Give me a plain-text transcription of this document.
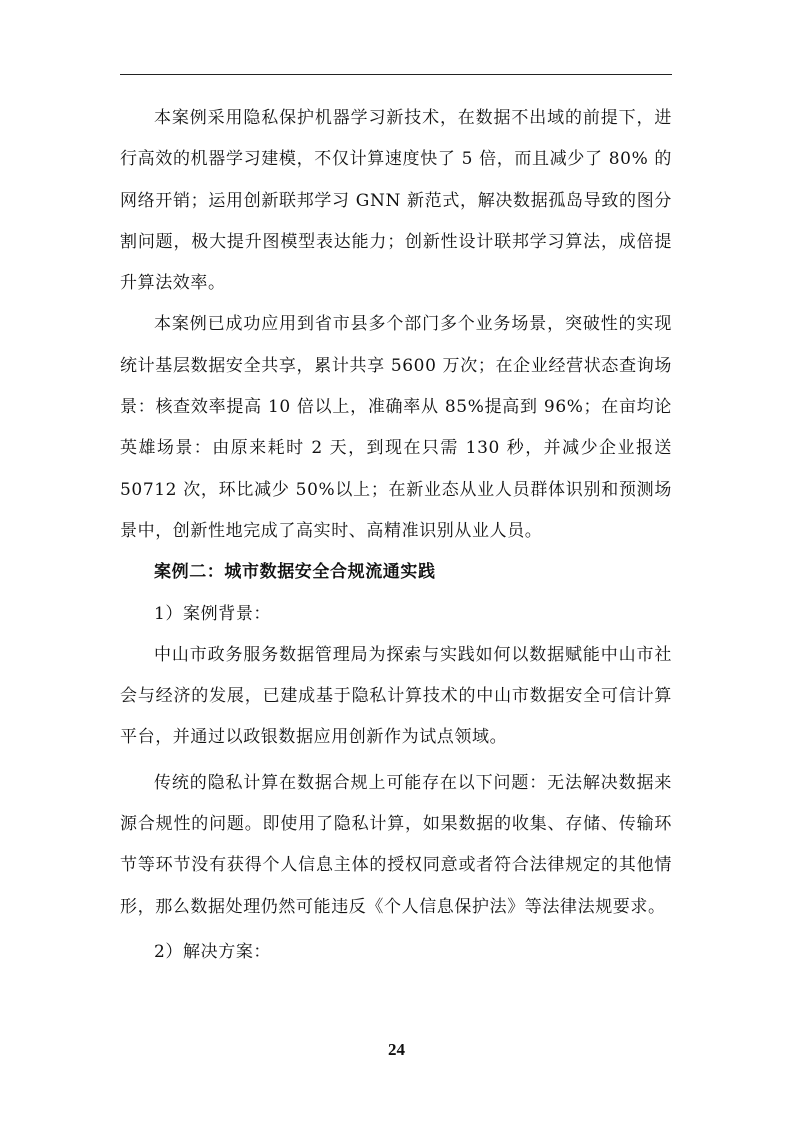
本案例采用隐私保护机器学习新技术，在数据不出域的前提下，进行高效的机器学习建模，不仅计算速度快了 5 倍，而且减少了 80% 的网络开销；运用创新联邦学习 GNN 新范式，解决数据孤岛导致的图分割问题，极大提升图模型表达能力；创新性设计联邦学习算法，成倍提升算法效率。

本案例已成功应用到省市县多个部门多个业务场景，突破性的实现统计基层数据安全共享，累计共享 5600 万次；在企业经营状态查询场景：核查效率提高 10 倍以上，准确率从 85%提高到 96%；在亩均论英雄场景：由原来耗时 2 天，到现在只需 130 秒，并减少企业报送 50712 次，环比减少 50%以上；在新业态从业人员群体识别和预测场景中，创新性地完成了高实时、高精准识别从业人员。

案例二：城市数据安全合规流通实践

1）案例背景：

中山市政务服务数据管理局为探索与实践如何以数据赋能中山市社会与经济的发展，已建成基于隐私计算技术的中山市数据安全可信计算平台，并通过以政银数据应用创新作为试点领域。

传统的隐私计算在数据合规上可能存在以下问题：无法解决数据来源合规性的问题。即使用了隐私计算，如果数据的收集、存储、传输环节等环节没有获得个人信息主体的授权同意或者符合法律规定的其他情形，那么数据处理仍然可能违反《个人信息保护法》等法律法规要求。

2）解决方案：

24
